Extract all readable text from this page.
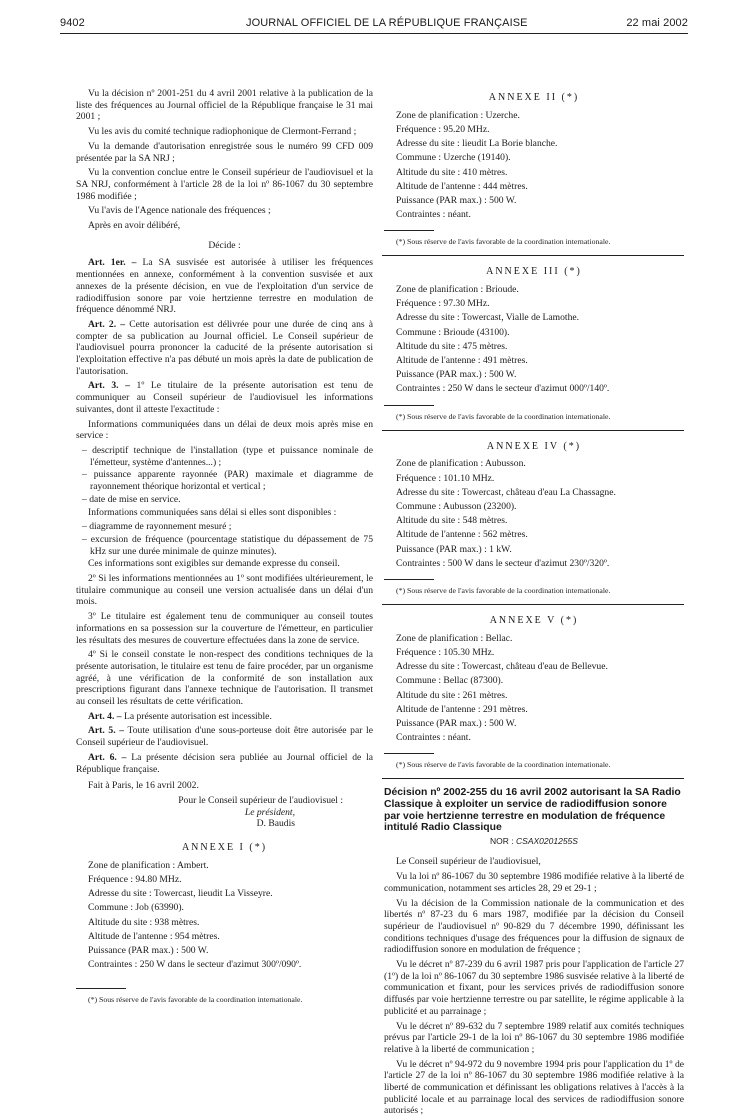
9402	JOURNAL OFFICIEL DE LA RÉPUBLIQUE FRANÇAISE	22 mai 2002

Vu la décision nº 2001-251 du 4 avril 2001 relative à la publication de la liste des fréquences au Journal officiel de la République française le 31 mai 2001 ;

Vu les avis du comité technique radiophonique de Clermont-Ferrand ;

Vu la demande d'autorisation enregistrée sous le numéro 99 CFD 009 présentée par la SA NRJ ;

Vu la convention conclue entre le Conseil supérieur de l'audiovisuel et la SA NRJ, conformément à l'article 28 de la loi nº 86-1067 du 30 septembre 1986 modifiée ;

Vu l'avis de l'Agence nationale des fréquences ;

Après en avoir délibéré,

Décide :

Art. 1er. – La SA susvisée est autorisée à utiliser les fréquences mentionnées en annexe, conformément à la convention susvisée et aux annexes de la présente décision, en vue de l'exploitation d'un service de radiodiffusion sonore par voie hertzienne terrestre en modulation de fréquence dénommé NRJ.

Art. 2. – Cette autorisation est délivrée pour une durée de cinq ans à compter de sa publication au Journal officiel. Le Conseil supérieur de l'audiovisuel pourra prononcer la caducité de la présente autorisation si l'exploitation effective n'a pas débuté un mois après la date de publication de l'autorisation.

Art. 3. – 1º Le titulaire de la présente autorisation est tenu de communiquer au Conseil supérieur de l'audiovisuel les informations suivantes, dont il atteste l'exactitude :

Informations communiquées dans un délai de deux mois après mise en service :

– descriptif technique de l'installation (type et puissance nominale de l'émetteur, système d'antennes...) ;

– puissance apparente rayonnée (PAR) maximale et diagramme de rayonnement théorique horizontal et vertical ;

– date de mise en service.

Informations communiquées sans délai si elles sont disponibles :

– diagramme de rayonnement mesuré ;

– excursion de fréquence (pourcentage statistique du dépassement de 75 kHz sur une durée minimale de quinze minutes).

Ces informations sont exigibles sur demande expresse du conseil.

2º Si les informations mentionnées au 1º sont modifiées ultérieurement, le titulaire communique au conseil une version actualisée dans un délai d'un mois.

3º Le titulaire est également tenu de communiquer au conseil toutes informations en sa possession sur la couverture de l'émetteur, en particulier les résultats des mesures de couverture effectuées dans la zone de service.

4º Si le conseil constate le non-respect des conditions techniques de la présente autorisation, le titulaire est tenu de faire procéder, par un organisme agréé, à une vérification de la conformité de son installation aux prescriptions figurant dans l'annexe technique de l'autorisation. Il transmet au conseil les résultats de cette vérification.

Art. 4. – La présente autorisation est incessible.

Art. 5. – Toute utilisation d'une sous-porteuse doit être autorisée par le Conseil supérieur de l'audiovisuel.

Art. 6. – La présente décision sera publiée au Journal officiel de la République française.

Fait à Paris, le 16 avril 2002.

Pour le Conseil supérieur de l'audiovisuel :

Le président,

D. Baudis

ANNEXE I (*)

Zone de planification : Ambert.

Fréquence : 94.80 MHz.

Adresse du site : Towercast, lieudit La Visseyre.

Commune : Job (63990).

Altitude du site : 938 mètres.

Altitude de l'antenne : 954 mètres.

Puissance (PAR max.) : 500 W.

Contraintes : 250 W dans le secteur d'azimut 300º/090º.

(*) Sous réserve de l'avis favorable de la coordination internationale.

ANNEXE II (*)

Zone de planification : Uzerche.

Fréquence : 95.20 MHz.

Adresse du site : lieudit La Borie blanche.

Commune : Uzerche (19140).

Altitude du site : 410 mètres.

Altitude de l'antenne : 444 mètres.

Puissance (PAR max.) : 500 W.

Contraintes : néant.

(*) Sous réserve de l'avis favorable de la coordination internationale.

ANNEXE III (*)

Zone de planification : Brioude.

Fréquence : 97.30 MHz.

Adresse du site : Towercast, Vialle de Lamothe.

Commune : Brioude (43100).

Altitude du site : 475 mètres.

Altitude de l'antenne : 491 mètres.

Puissance (PAR max.) : 500 W.

Contraintes : 250 W dans le secteur d'azimut 000º/140º.

(*) Sous réserve de l'avis favorable de la coordination internationale.

ANNEXE IV (*)

Zone de planification : Aubusson.

Fréquence : 101.10 MHz.

Adresse du site : Towercast, château d'eau La Chassagne.

Commune : Aubusson (23200).

Altitude du site : 548 mètres.

Altitude de l'antenne : 562 mètres.

Puissance (PAR max.) : 1 kW.

Contraintes : 500 W dans le secteur d'azimut 230º/320º.

(*) Sous réserve de l'avis favorable de la coordination internationale.

ANNEXE V (*)

Zone de planification : Bellac.

Fréquence : 105.30 MHz.

Adresse du site : Towercast, château d'eau de Bellevue.

Commune : Bellac (87300).

Altitude du site : 261 mètres.

Altitude de l'antenne : 291 mètres.

Puissance (PAR max.) : 500 W.

Contraintes : néant.

(*) Sous réserve de l'avis favorable de la coordination internationale.

Décision nº 2002-255 du 16 avril 2002 autorisant la SA Radio Classique à exploiter un service de radiodiffusion sonore par voie hertzienne terrestre en modulation de fréquence intitulé Radio Classique
NOR : CSAX0201255S

Le Conseil supérieur de l'audiovisuel,

Vu la loi nº 86-1067 du 30 septembre 1986 modifiée relative à la liberté de communication, notamment ses articles 28, 29 et 29-1 ;

Vu la décision de la Commission nationale de la communication et des libertés nº 87-23 du 6 mars 1987, modifiée par la décision du Conseil supérieur de l'audiovisuel nº 90-829 du 7 décembre 1990, définissant les conditions techniques d'usage des fréquences pour la diffusion de signaux de radiodiffusion sonore en modulation de fréquence ;

Vu le décret nº 87-239 du 6 avril 1987 pris pour l'application de l'article 27 (1º) de la loi nº 86-1067 du 30 septembre 1986 susvisée relative à la liberté de communication et fixant, pour les services privés de radiodiffusion sonore diffusés par voie hertzienne terrestre ou par satellite, le régime applicable à la publicité et au parrainage ;

Vu le décret nº 89-632 du 7 septembre 1989 relatif aux comités techniques prévus par l'article 29-1 de la loi nº 86-1067 du 30 septembre 1986 modifiée relative à la liberté de communication ;

Vu le décret nº 94-972 du 9 novembre 1994 pris pour l'application du 1º de l'article 27 de la loi nº 86-1067 du 30 septembre 1986 modifiée relative à la liberté de communication et définissant les obligations relatives à l'accès à la publicité locale et au parrainage local des services de radiodiffusion sonore autorisés ;
